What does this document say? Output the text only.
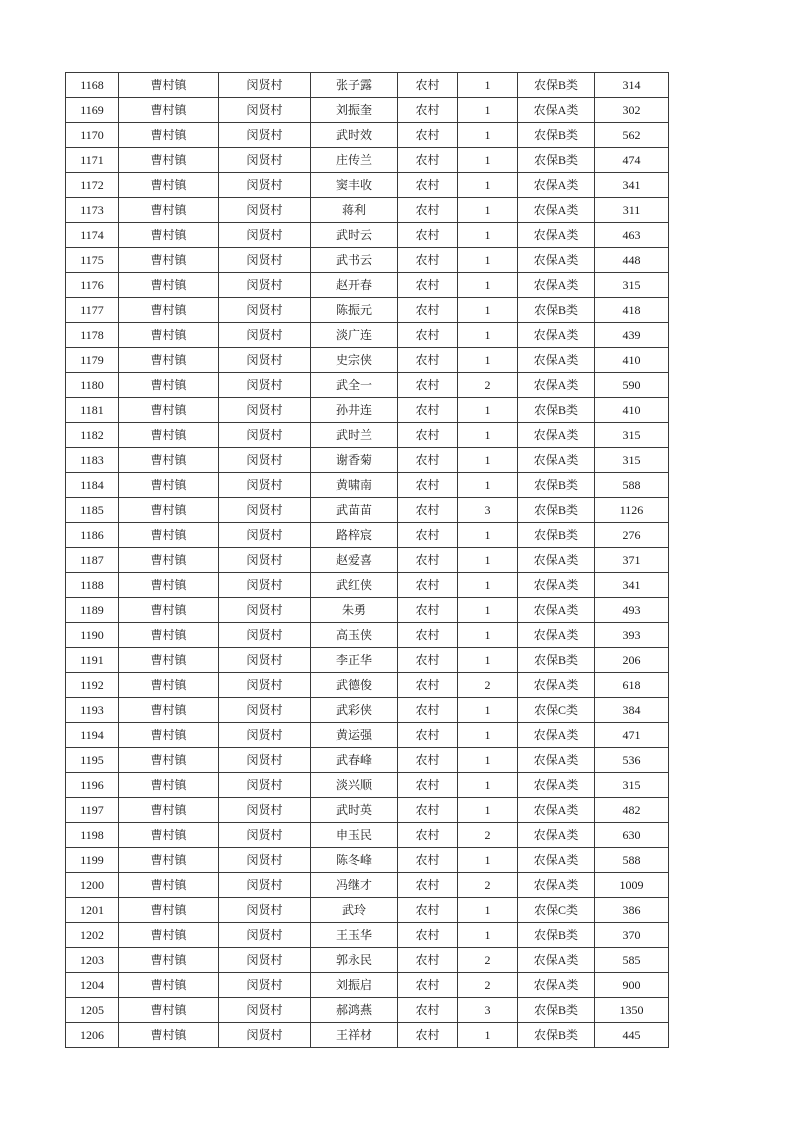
1168	曹村镇	闵贤村	张子露	农村	1	农保B类	314
1169	曹村镇	闵贤村	刘振奎	农村	1	农保A类	302
1170	曹村镇	闵贤村	武时效	农村	1	农保B类	562
1171	曹村镇	闵贤村	庄传兰	农村	1	农保B类	474
1172	曹村镇	闵贤村	窦丰收	农村	1	农保A类	341
1173	曹村镇	闵贤村	蒋利	农村	1	农保A类	311
1174	曹村镇	闵贤村	武时云	农村	1	农保A类	463
1175	曹村镇	闵贤村	武书云	农村	1	农保A类	448
1176	曹村镇	闵贤村	赵开春	农村	1	农保A类	315
1177	曹村镇	闵贤村	陈振元	农村	1	农保B类	418
1178	曹村镇	闵贤村	淡广连	农村	1	农保A类	439
1179	曹村镇	闵贤村	史宗侠	农村	1	农保A类	410
1180	曹村镇	闵贤村	武全一	农村	2	农保A类	590
1181	曹村镇	闵贤村	孙井连	农村	1	农保B类	410
1182	曹村镇	闵贤村	武时兰	农村	1	农保A类	315
1183	曹村镇	闵贤村	谢香菊	农村	1	农保A类	315
1184	曹村镇	闵贤村	黄啸南	农村	1	农保B类	588
1185	曹村镇	闵贤村	武苗苗	农村	3	农保B类	1126
1186	曹村镇	闵贤村	路梓宸	农村	1	农保B类	276
1187	曹村镇	闵贤村	赵爱喜	农村	1	农保A类	371
1188	曹村镇	闵贤村	武红侠	农村	1	农保A类	341
1189	曹村镇	闵贤村	朱勇	农村	1	农保A类	493
1190	曹村镇	闵贤村	高玉侠	农村	1	农保A类	393
1191	曹村镇	闵贤村	李正华	农村	1	农保B类	206
1192	曹村镇	闵贤村	武德俊	农村	2	农保A类	618
1193	曹村镇	闵贤村	武彩侠	农村	1	农保C类	384
1194	曹村镇	闵贤村	黄运强	农村	1	农保A类	471
1195	曹村镇	闵贤村	武春峰	农村	1	农保A类	536
1196	曹村镇	闵贤村	淡兴顺	农村	1	农保A类	315
1197	曹村镇	闵贤村	武时英	农村	1	农保A类	482
1198	曹村镇	闵贤村	申玉民	农村	2	农保A类	630
1199	曹村镇	闵贤村	陈冬峰	农村	1	农保A类	588
1200	曹村镇	闵贤村	冯继才	农村	2	农保A类	1009
1201	曹村镇	闵贤村	武玲	农村	1	农保C类	386
1202	曹村镇	闵贤村	王玉华	农村	1	农保B类	370
1203	曹村镇	闵贤村	郭永民	农村	2	农保A类	585
1204	曹村镇	闵贤村	刘振启	农村	2	农保A类	900
1205	曹村镇	闵贤村	郝鸿燕	农村	3	农保B类	1350
1206	曹村镇	闵贤村	王祥材	农村	1	农保B类	445
